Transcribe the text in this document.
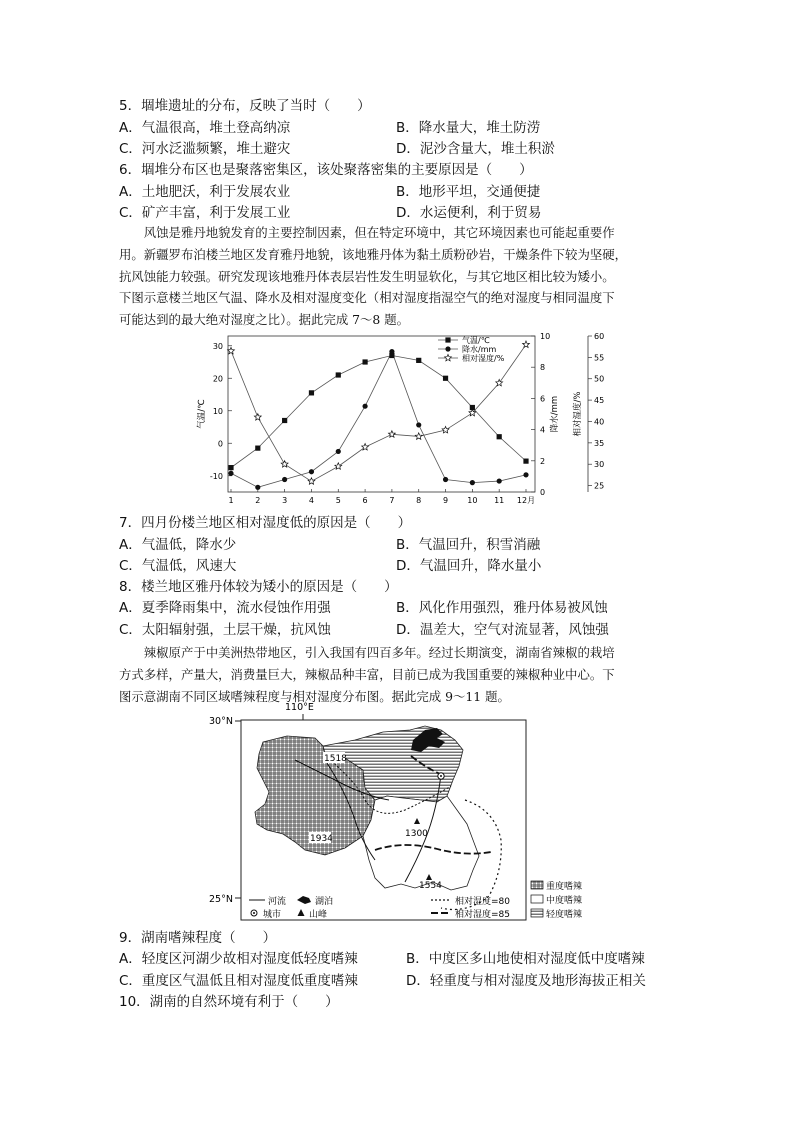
5．堌堆遗址的分布，反映了当时（　　）
A．气温很高，堆土登高纳凉	B．降水量大，堆土防涝
C．河水泛滥频繁，堆土避灾	D．泥沙含量大，堆土积淤
6．堌堆分布区也是聚落密集区，该处聚落密集的主要原因是（　　）
A．土地肥沃，利于发展农业	B．地形平坦，交通便捷
C．矿产丰富，利于发展工业	D．水运便利，利于贸易
　　风蚀是雅丹地貌发育的主要控制因素，但在特定环境中，其它环境因素也可能起重要作
用。新疆罗布泊楼兰地区发育雅丹地貌，该地雅丹体为黏土质粉砂岩，干燥条件下较为坚硬，
抗风蚀能力较强。研究发现该地雅丹体表层岩性发生明显软化，与其它地区相比较为矮小。
下图示意楼兰地区气温、降水及相对湿度变化（相对湿度指湿空气的绝对湿度与相同温度下
可能达到的最大绝对湿度之比）。据此完成 7～8 题。
-10
0
10
20
30
0
2
4
6
8
10
25
30
35
40
45
50
55
60
1	2	3	4	5	6	7	8	9 10 11 12月
气温/℃	降水/mm 相对湿度/%
气温/℃
降水/mm
相对湿度/%
7．四月份楼兰地区相对湿度低的原因是（　　）
A．气温低，降水少	B．气温回升，积雪消融
C．气温低，风速大	D．气温回升，降水量小
8．楼兰地区雅丹体较为矮小的原因是（　　）
A．夏季降雨集中，流水侵蚀作用强	B．风化作用强烈，雅丹体易被风蚀
C．太阳辐射强，土层干燥，抗风蚀	D．温差大，空气对流显著，风蚀强
　　辣椒原产于中美洲热带地区，引入我国有四百多年。经过长期演变，湖南省辣椒的栽培
方式多样，产量大，消费量巨大，辣椒品种丰富，目前已成为我国重要的辣椒种业中心。下
图示意湖南不同区域嗜辣程度与相对湿度分布图。据此完成 9～11 题。
30°N
25°N
110°E
1518
1934	1300
1554
河流	湖泊
城市	山峰
相对湿度=80
相对湿度=85
重度嗜辣
中度嗜辣
轻度嗜辣
9．湖南嗜辣程度（　　）
A．轻度区河湖少故相对湿度低轻度嗜辣	B．中度区多山地使相对湿度低中度嗜辣
C．重度区气温低且相对湿度低重度嗜辣	D．轻重度与相对湿度及地形海拔正相关
10．湖南的自然环境有利于（　　）
